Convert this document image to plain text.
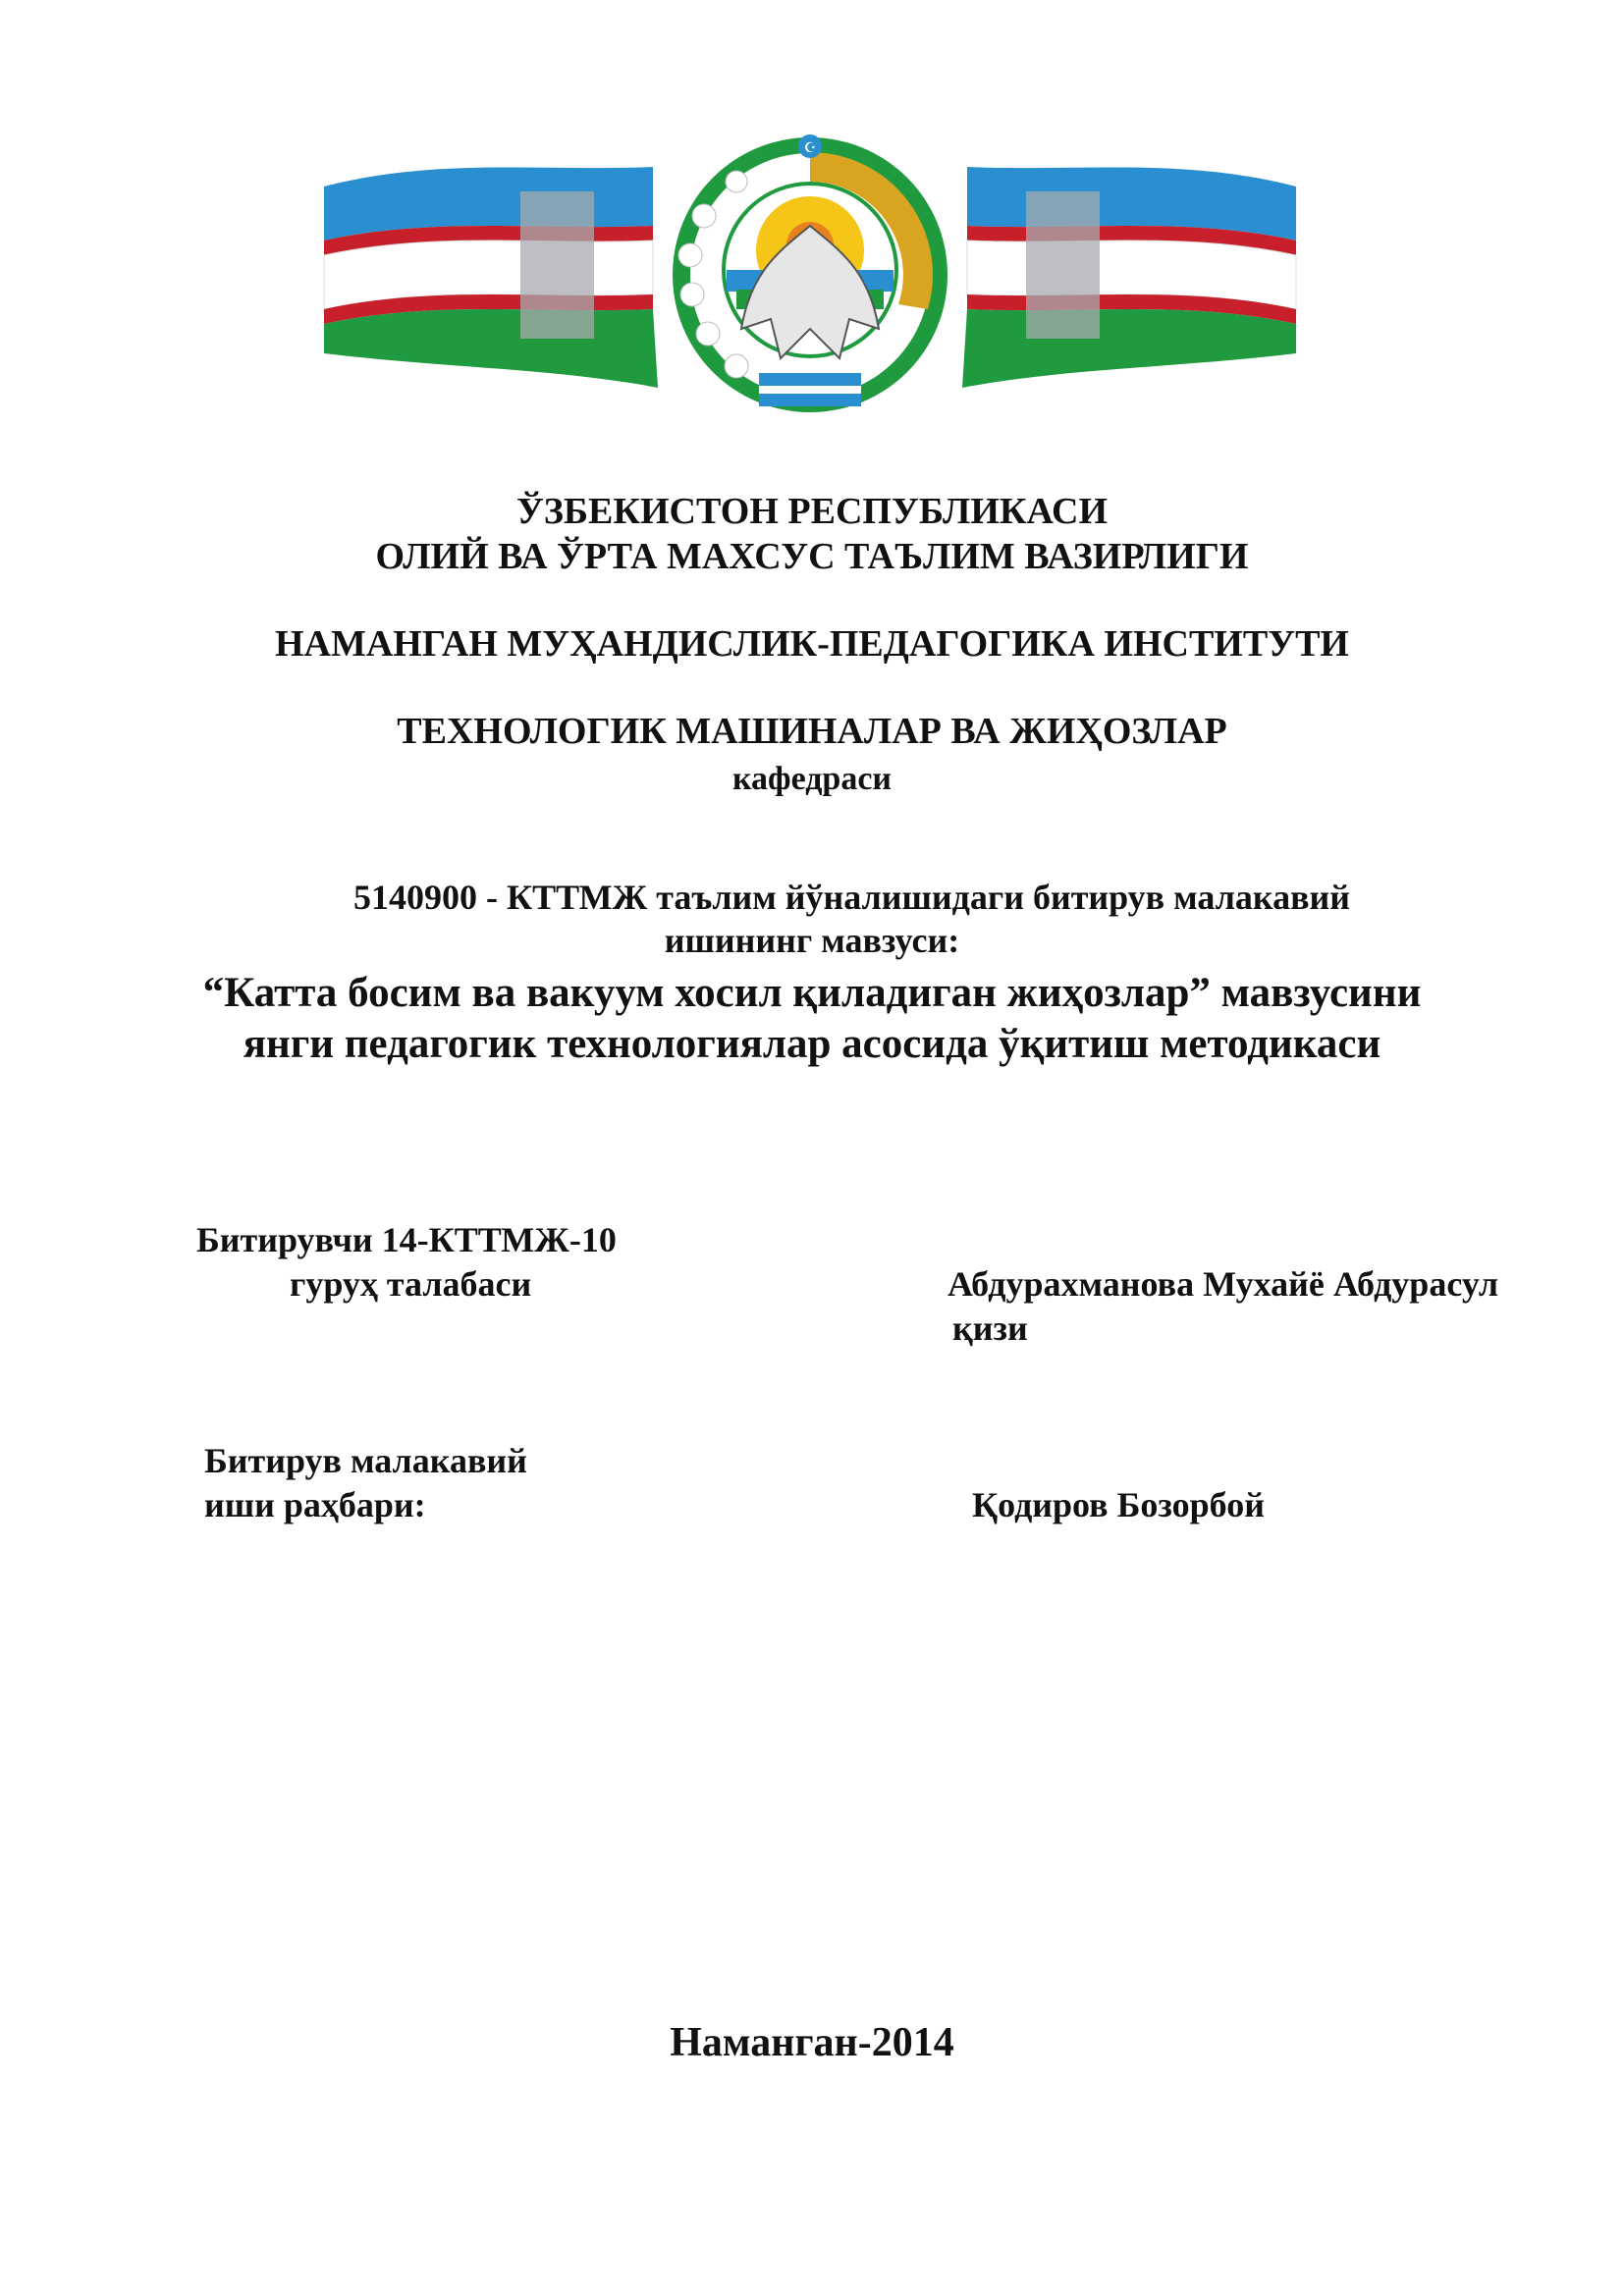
☪
ЎЗБЕКИСТОН РЕСПУБЛИКАСИ
ОЛИЙ ВА ЎРТА МАХСУС ТАЪЛИМ ВАЗИРЛИГИ
НАМАНГАН МУҲАНДИСЛИК-ПЕДАГОГИКА ИНСТИТУТИ
ТЕХНОЛОГИК МАШИНАЛАР ВА ЖИҲОЗЛАР
кафедраси
5140900 - КТТМЖ таълим йўналишидаги битирув малакавий
ишининг мавзуси:
“Катта босим ва вакуум хосил қиладиган жиҳозлар” мавзусини
янги педагогик технологиялар асосида ўқитиш методикаси
Битирувчи 14-КТТМЖ-10
гуруҳ талабаси	Абдурахманова Мухайё Абдурасул
қизи
Битирув малакавий
иши раҳбари:	Қодиров Бозорбой
Наманган-2014
